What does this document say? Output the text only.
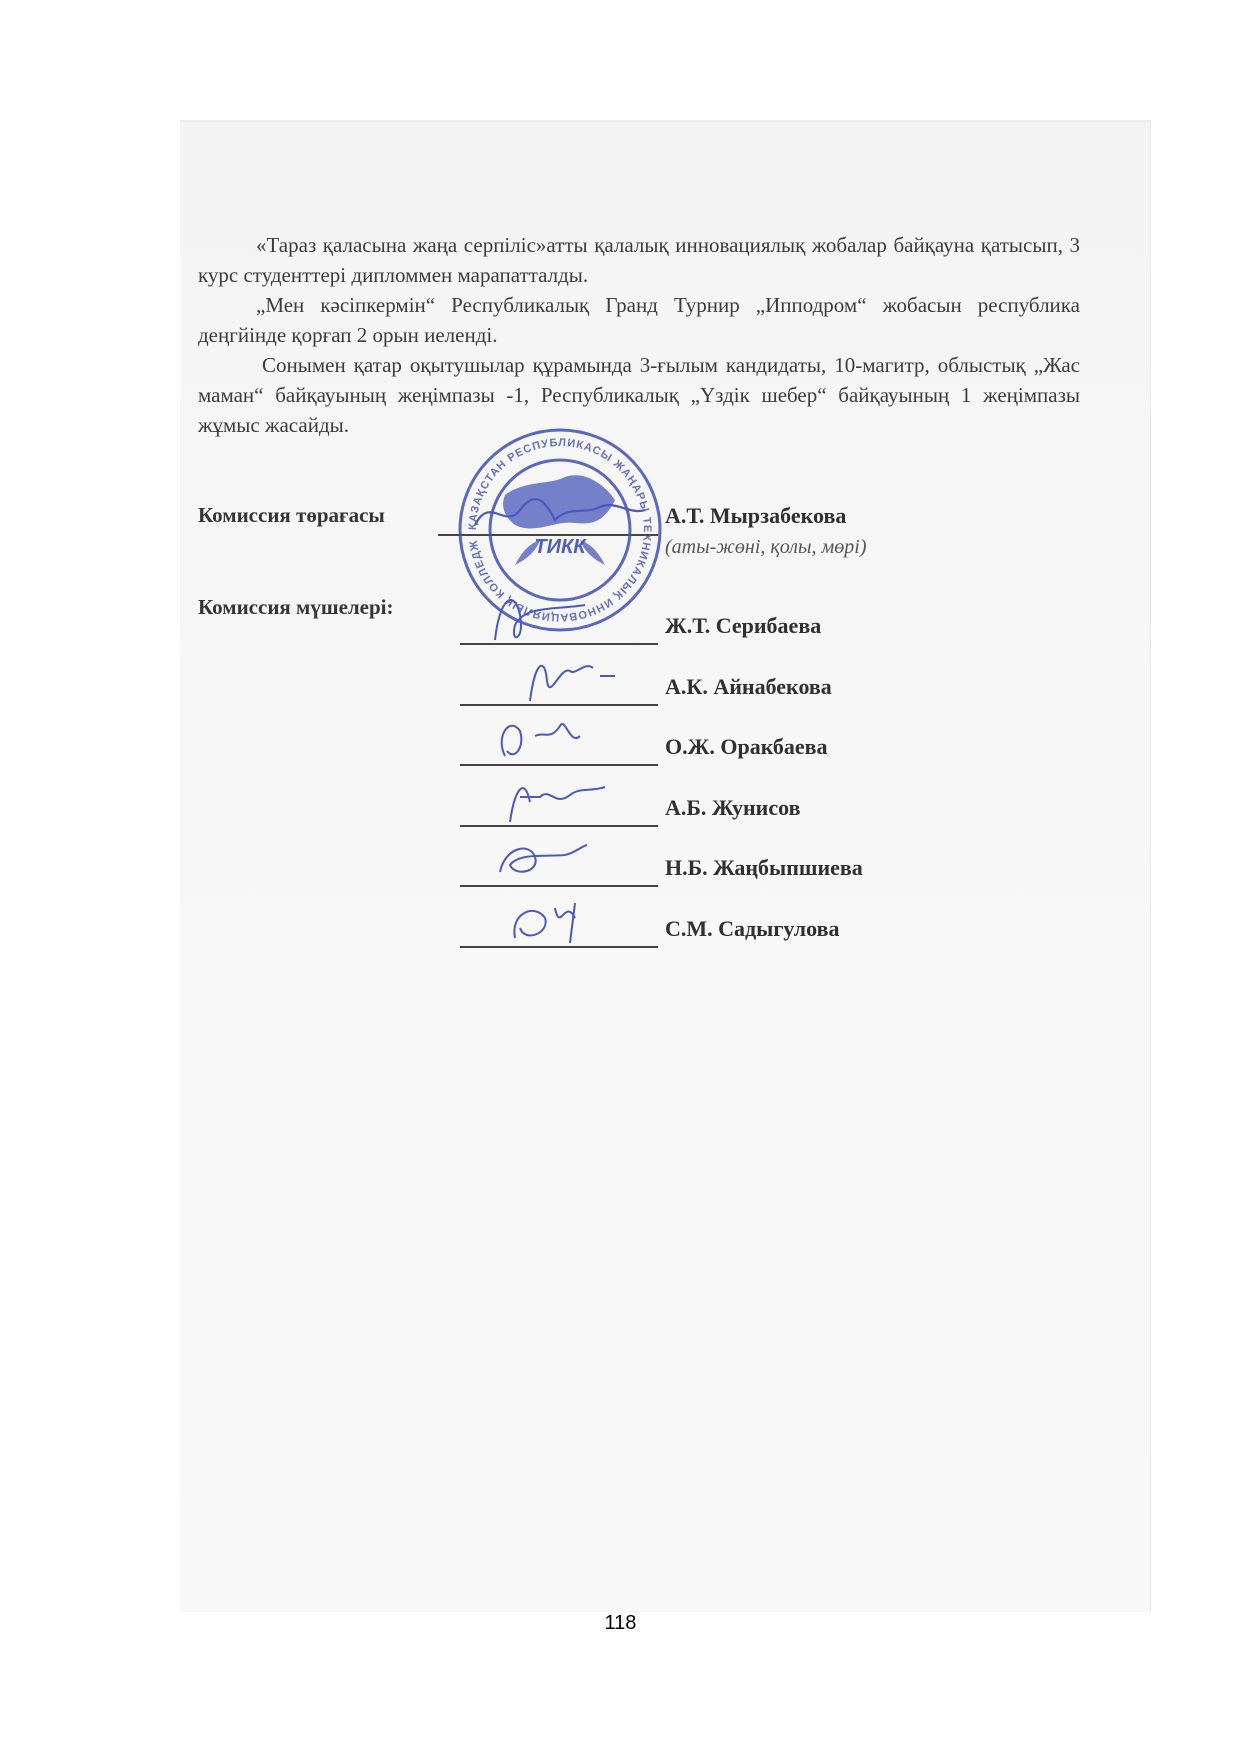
«Тараз қаласына жаңа серпіліс»атты қалалық инновациялық жобалар байқауна қатысып, 3 курс студенттері дипломмен марапатталды.

„Мен кәсіпкермін“ Республикалық Гранд Турнир „Ипподром“ жобасын республика деңгйінде қорғап 2 орын иеленді.

Сонымен қатар оқытушылар құрамында 3-ғылым кандидаты, 10-магитр, облыстық „Жас маман“ байқауының жеңімпазы -1, Республикалық „Үздік шебер“ байқауының 1 жеңімпазы жұмыс жасайды.

Комиссия төрағасы	А.Т. Мырзабекова
(аты-жөні, қолы, мөрі)
ҚАЗАҚСТАН РЕСПУБЛИКАСЫ ЖАҢАРЫ ТЕХНИКАЛЫҚ ИННОВАЦИЯЛЫҚ КОЛЛЕДЖ	ТИКК
Комиссия мүшелері:
Ж.Т. Серибаева
А.К. Айнабекова
О.Ж. Оракбаева
А.Б. Жунисов
Н.Б. Жаңбыпшиева
С.М. Садыгулова
118
